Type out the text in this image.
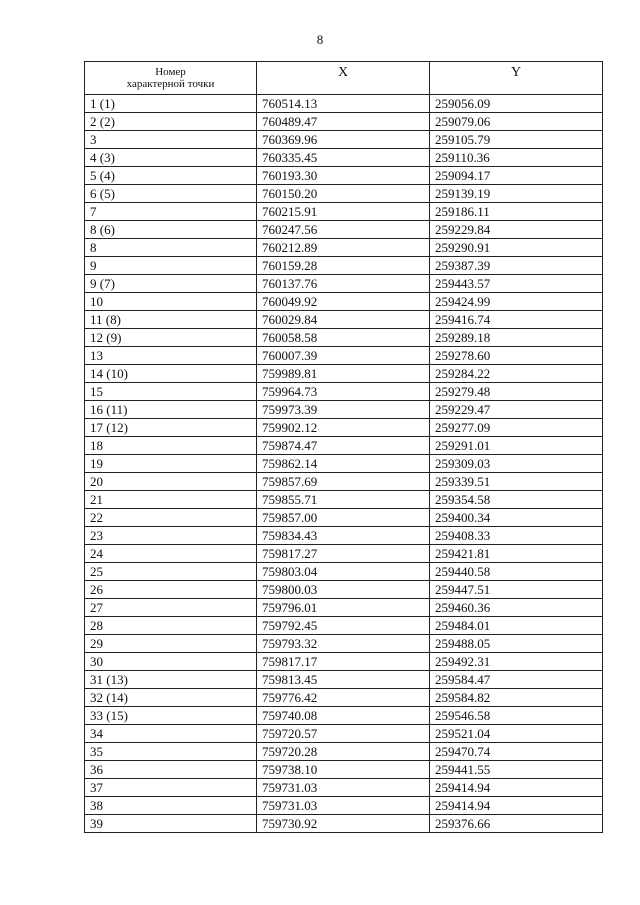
8
Номер
характерной точки	X	Y
1 (1)	760514.13	259056.09
2 (2)	760489.47	259079.06
3	760369.96	259105.79
4 (3)	760335.45	259110.36
5 (4)	760193.30	259094.17
6 (5)	760150.20	259139.19
7	760215.91	259186.11
8 (6)	760247.56	259229.84
8	760212.89	259290.91
9	760159.28	259387.39
9 (7)	760137.76	259443.57
10	760049.92	259424.99
11 (8)	760029.84	259416.74
12 (9)	760058.58	259289.18
13	760007.39	259278.60
14 (10)	759989.81	259284.22
15	759964.73	259279.48
16 (11)	759973.39	259229.47
17 (12)	759902.12	259277.09
18	759874.47	259291.01
19	759862.14	259309.03
20	759857.69	259339.51
21	759855.71	259354.58
22	759857.00	259400.34
23	759834.43	259408.33
24	759817.27	259421.81
25	759803.04	259440.58
26	759800.03	259447.51
27	759796.01	259460.36
28	759792.45	259484.01
29	759793.32	259488.05
30	759817.17	259492.31
31 (13)	759813.45	259584.47
32 (14)	759776.42	259584.82
33 (15)	759740.08	259546.58
34	759720.57	259521.04
35	759720.28	259470.74
36	759738.10	259441.55
37	759731.03	259414.94
38	759731.03	259414.94
39	759730.92	259376.66
